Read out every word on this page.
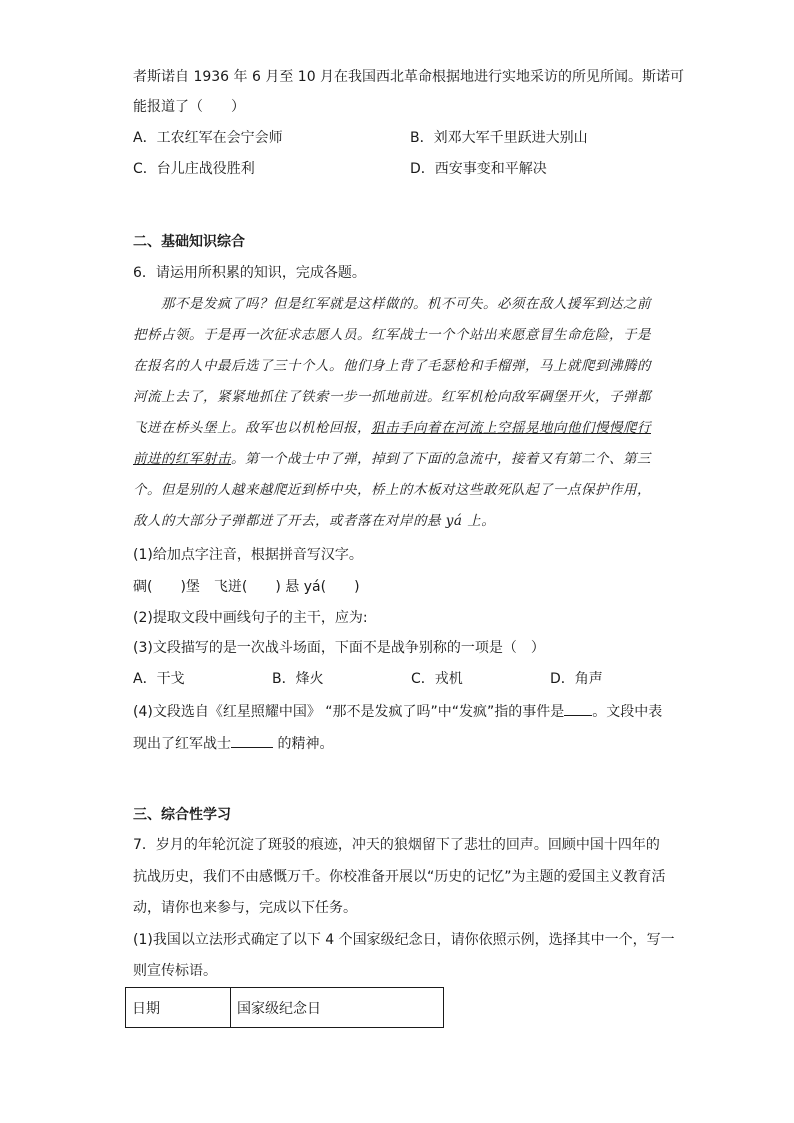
者斯诺自 1936 年 6 月至 10 月在我国西北革命根据地进行实地采访的所见所闻。斯诺可
能报道了（　　）
A．工农红军在会宁会师	B．刘邓大军千里跃进大别山
C．台儿庄战役胜利	D．西安事变和平解决
二、基础知识综合
6．请运用所积累的知识，完成各题。
那不是发疯了吗？但是红军就是这样做的。机不可失。必须在敌人援军到达之前把桥占领。于是再一次征求志愿人员。红军战士一个个站出来愿意冒生命危险，于是在报名的人中最后选了三十个人。他们身上背了毛瑟枪和手榴弹，马上就爬到沸腾的河流上去了，紧紧地抓住了铁索一步一抓地前进。红军机枪向敌军碉堡开火，子弹都飞迸在桥头堡上。敌军也以机枪回报，狙击手向着在河流上空摇晃地向他们慢慢爬行前进的红军射击。第一个战士中了弹，掉到了下面的急流中，接着又有第二个、第三个。但是别的人越来越爬近到桥中央，桥上的木板对这些敢死队起了一点保护作用，敌人的大部分子弹都迸了开去，或者落在对岸的悬 yá 上。
(1)给加点字注音，根据拼音写汉字。
碉(　　)堡　飞迸(　　) 悬 yá(　　)
(2)提取文段中画线句子的主干，应为:
(3)文段描写的是一次战斗场面，下面不是战争别称的一项是（　）
A．干戈	B．烽火	C．戎机	D．角声
(4)文段选自《红星照耀中国》 “那不是发疯了吗”中“发疯”指的事件是 。文段中表
现出了红军战士	的精神。
三、综合性学习
7．岁月的年轮沉淀了斑驳的痕迹，冲天的狼烟留下了悲壮的回声。回顾中国十四年的
抗战历史，我们不由感慨万千。你校准备开展以“历史的记忆”为主题的爱国主义教育活
动，请你也来参与，完成以下任务。
(1)我国以立法形式确定了以下 4 个国家级纪念日，请你依照示例，选择其中一个，写一
则宣传标语。
日期	国家级纪念日
